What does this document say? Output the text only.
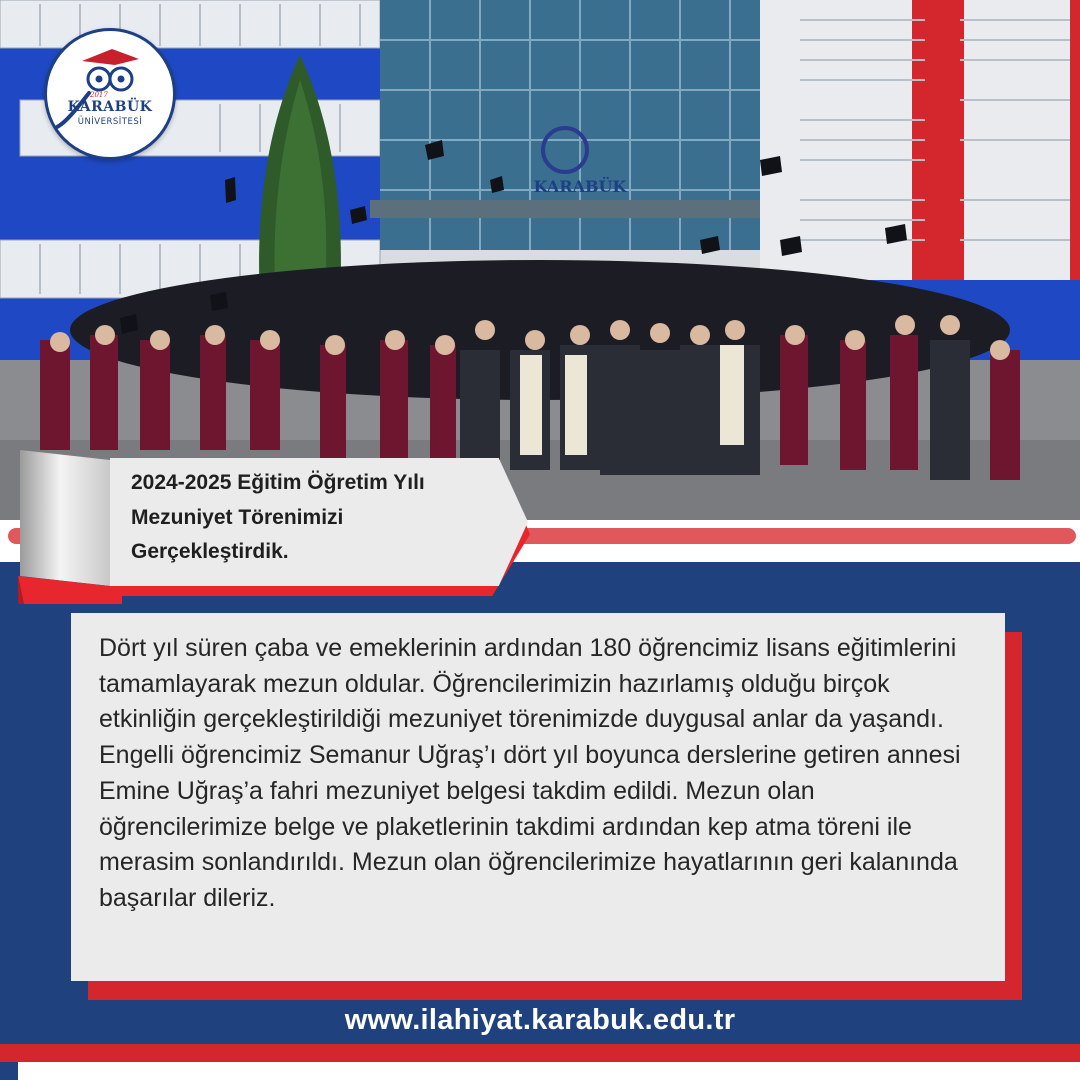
KARABÜK
2017
KARABÜK
ÜNİVERSİTESİ
2024-2025 Eğitim Öğretim Yılı Mezuniyet Törenimizi Gerçekleştirdik.
Dört yıl süren çaba ve emeklerinin ardından 180 öğrencimiz lisans eğitimlerini tamamlayarak mezun oldular. Öğrencilerimizin hazırlamış olduğu birçok etkinliğin gerçekleştirildiği mezuniyet törenimizde duygusal anlar da yaşandı. Engelli öğrencimiz Semanur Uğraş’ı dört yıl boyunca derslerine getiren annesi Emine Uğraş’a fahri mezuniyet belgesi takdim edildi. Mezun olan öğrencilerimize belge ve plaketlerinin takdimi ardından kep atma töreni ile merasim sonlandırıldı. Mezun olan öğrencilerimize hayatlarının geri kalanında başarılar dileriz.
www.ilahiyat.karabuk.edu.tr
